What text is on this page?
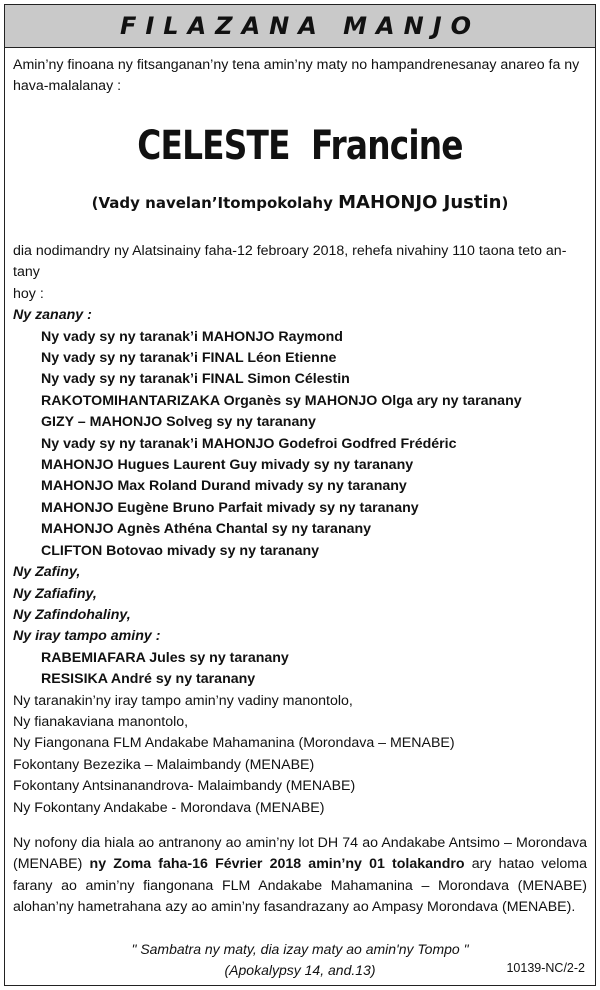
FILAZANA MANJO
Amin’ny finoana ny fitsanganan’ny tena amin’ny maty no hampandrenesanay anareo fa ny hava-malalanay :
CELESTE Francine
(Vady navelan’Itompokolahy MAHONJO Justin)
dia nodimandry ny Alatsinainy faha-12 febroary 2018, rehefa nivahiny 110 taona teto an-
tany
hoy :
Ny zanany :
Ny vady sy ny taranak’i MAHONJO Raymond
Ny vady sy ny taranak’i FINAL Léon Etienne
Ny vady sy ny taranak’i FINAL Simon Célestin
RAKOTOMIHANTARIZAKA Organès sy MAHONJO Olga ary ny taranany
GIZY – MAHONJO Solveg sy ny taranany
Ny vady sy ny taranak’i MAHONJO Godefroi Godfred Frédéric
MAHONJO Hugues Laurent Guy mivady sy ny taranany
MAHONJO Max Roland Durand mivady sy ny taranany
MAHONJO Eugène Bruno Parfait mivady sy ny taranany
MAHONJO Agnès Athéna Chantal sy ny taranany
CLIFTON Botovao mivady sy ny taranany
Ny Zafiny,
Ny Zafiafiny,
Ny Zafindohaliny,
Ny iray tampo aminy :
RABEMIAFARA Jules sy ny taranany
RESISIKA André sy ny taranany
Ny taranakin’ny iray tampo amin’ny vadiny manontolo,
Ny fianakaviana manontolo,
Ny Fiangonana FLM Andakabe Mahamanina (Morondava – MENABE)
Fokontany Bezezika – Malaimbandy (MENABE)
Fokontany Antsinanandrova- Malaimbandy (MENABE)
Ny Fokontany Andakabe - Morondava (MENABE)
Ny nofony dia hiala ao antranony ao amin’ny lot DH 74 ao Andakabe Antsimo – Morondava (MENABE) ny Zoma faha-16 Février 2018 amin’ny 01 tolakandro ary hatao veloma farany ao amin’ny fiangonana FLM Andakabe Mahamanina – Morondava (MENABE) alohan’ny hametrahana azy ao amin’ny fasandrazany ao Ampasy Morondava (MENABE).
" Sambatra ny maty, dia izay maty ao amin'ny Tompo "
(Apokalypsy 14, and.13)	10139-NC/2-2
